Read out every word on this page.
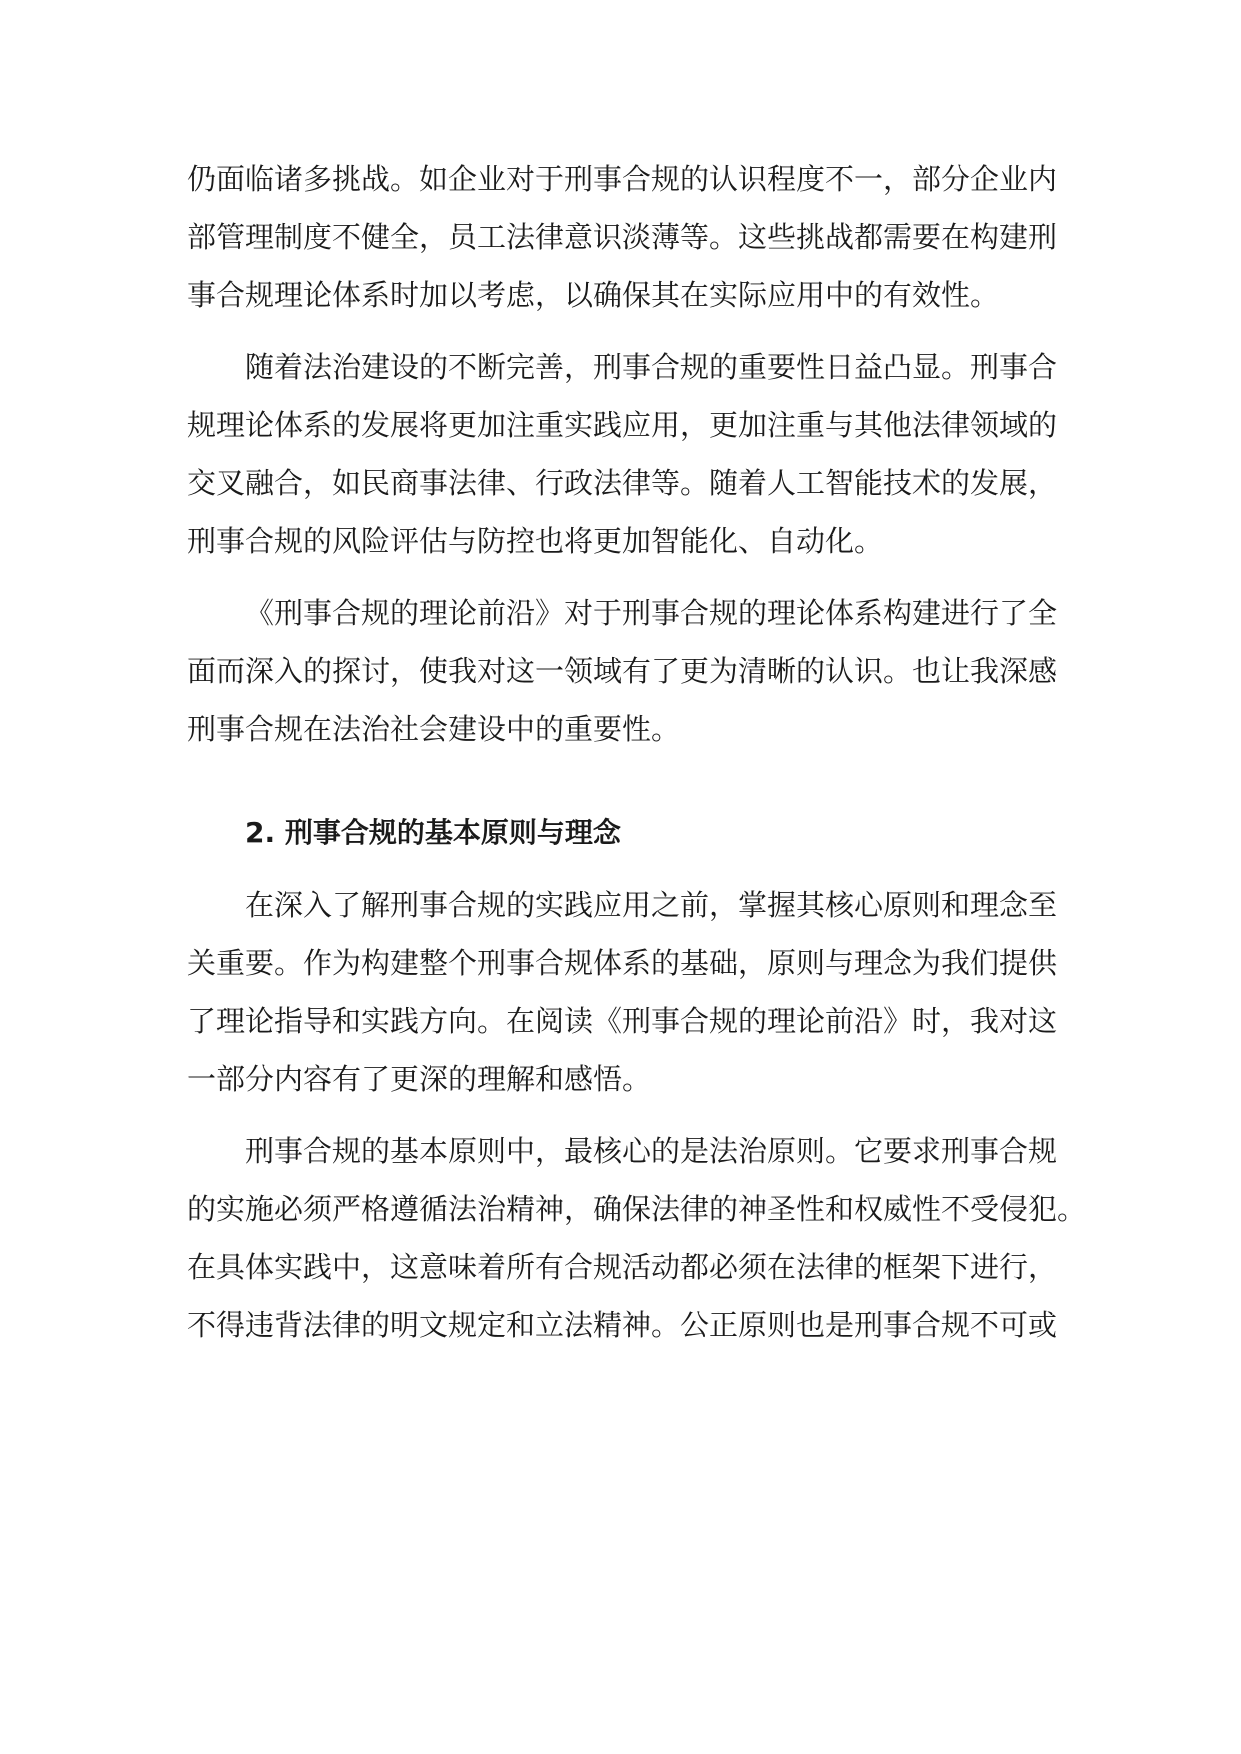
仍面临诸多挑战。如企业对于刑事合规的认识程度不一，部分企业内
部管理制度不健全，员工法律意识淡薄等。这些挑战都需要在构建刑
事合规理论体系时加以考虑，以确保其在实际应用中的有效性。
随着法治建设的不断完善，刑事合规的重要性日益凸显。刑事合
规理论体系的发展将更加注重实践应用，更加注重与其他法律领域的
交叉融合，如民商事法律、行政法律等。随着人工智能技术的发展，
刑事合规的风险评估与防控也将更加智能化、自动化。
《刑事合规的理论前沿》对于刑事合规的理论体系构建进行了全
面而深入的探讨，使我对这一领域有了更为清晰的认识。也让我深感
刑事合规在法治社会建设中的重要性。
2. 刑事合规的基本原则与理念
在深入了解刑事合规的实践应用之前，掌握其核心原则和理念至
关重要。作为构建整个刑事合规体系的基础，原则与理念为我们提供
了理论指导和实践方向。在阅读《刑事合规的理论前沿》时，我对这
一部分内容有了更深的理解和感悟。
刑事合规的基本原则中，最核心的是法治原则。它要求刑事合规
的实施必须严格遵循法治精神，确保法律的神圣性和权威性不受侵犯。
在具体实践中，这意味着所有合规活动都必须在法律的框架下进行，
不得违背法律的明文规定和立法精神。公正原则也是刑事合规不可或
